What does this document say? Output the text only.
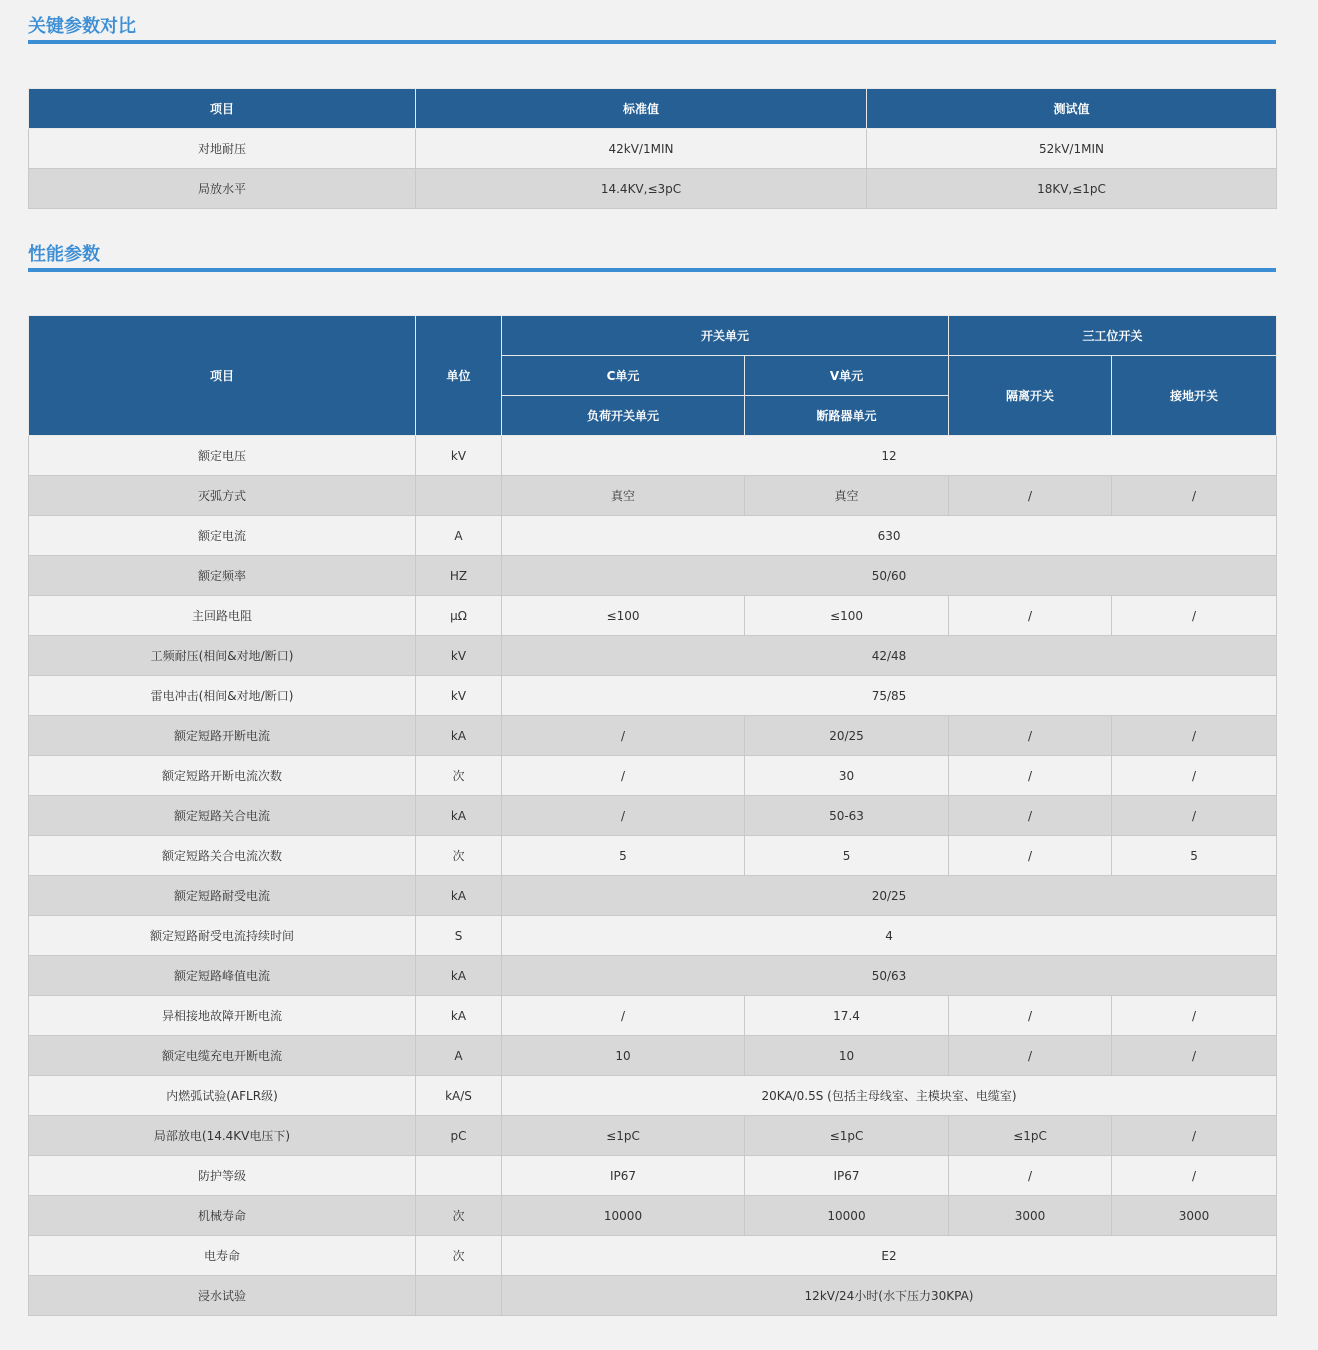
关键参数对比
项目	标准值	测试值
对地耐压	42kV/1MIN	52kV/1MIN
局放水平	14.4KV,≤3pC	18KV,≤1pC
性能参数
项目	单位	开关单元		三工位开关	
		C单元	V单元	隔离开关	接地开关
		负荷开关单元	断路器单元		
额定电压	kV	12			
灭弧方式		真空	真空	/	/
额定电流	A	630			
额定频率	HZ	50/60			
主回路电阻	μΩ	≤100	≤100	/	/
工频耐压(相间&对地/断口)	kV	42/48			
雷电冲击(相间&对地/断口)	kV	75/85			
额定短路开断电流	kA	/	20/25	/	/
额定短路开断电流次数	次	/	30	/	/
额定短路关合电流	kA	/	50-63	/	/
额定短路关合电流次数	次	5	5	/	5
额定短路耐受电流	kA	20/25			
额定短路耐受电流持续时间	S	4			
额定短路峰值电流	kA	50/63			
异相接地故障开断电流	kA	/	17.4	/	/
额定电缆充电开断电流	A	10	10	/	/
内燃弧试验(AFLR级)	kA/S	20KA/0.5S (包括主母线室、主模块室、电缆室)			
局部放电(14.4KV电压下)	pC	≤1pC	≤1pC	≤1pC	/
防护等级		IP67	IP67	/	/
机械寿命	次	10000	10000	3000	3000
电寿命	次	E2			
浸水试验		12kV/24小时(水下压力30KPA)			
